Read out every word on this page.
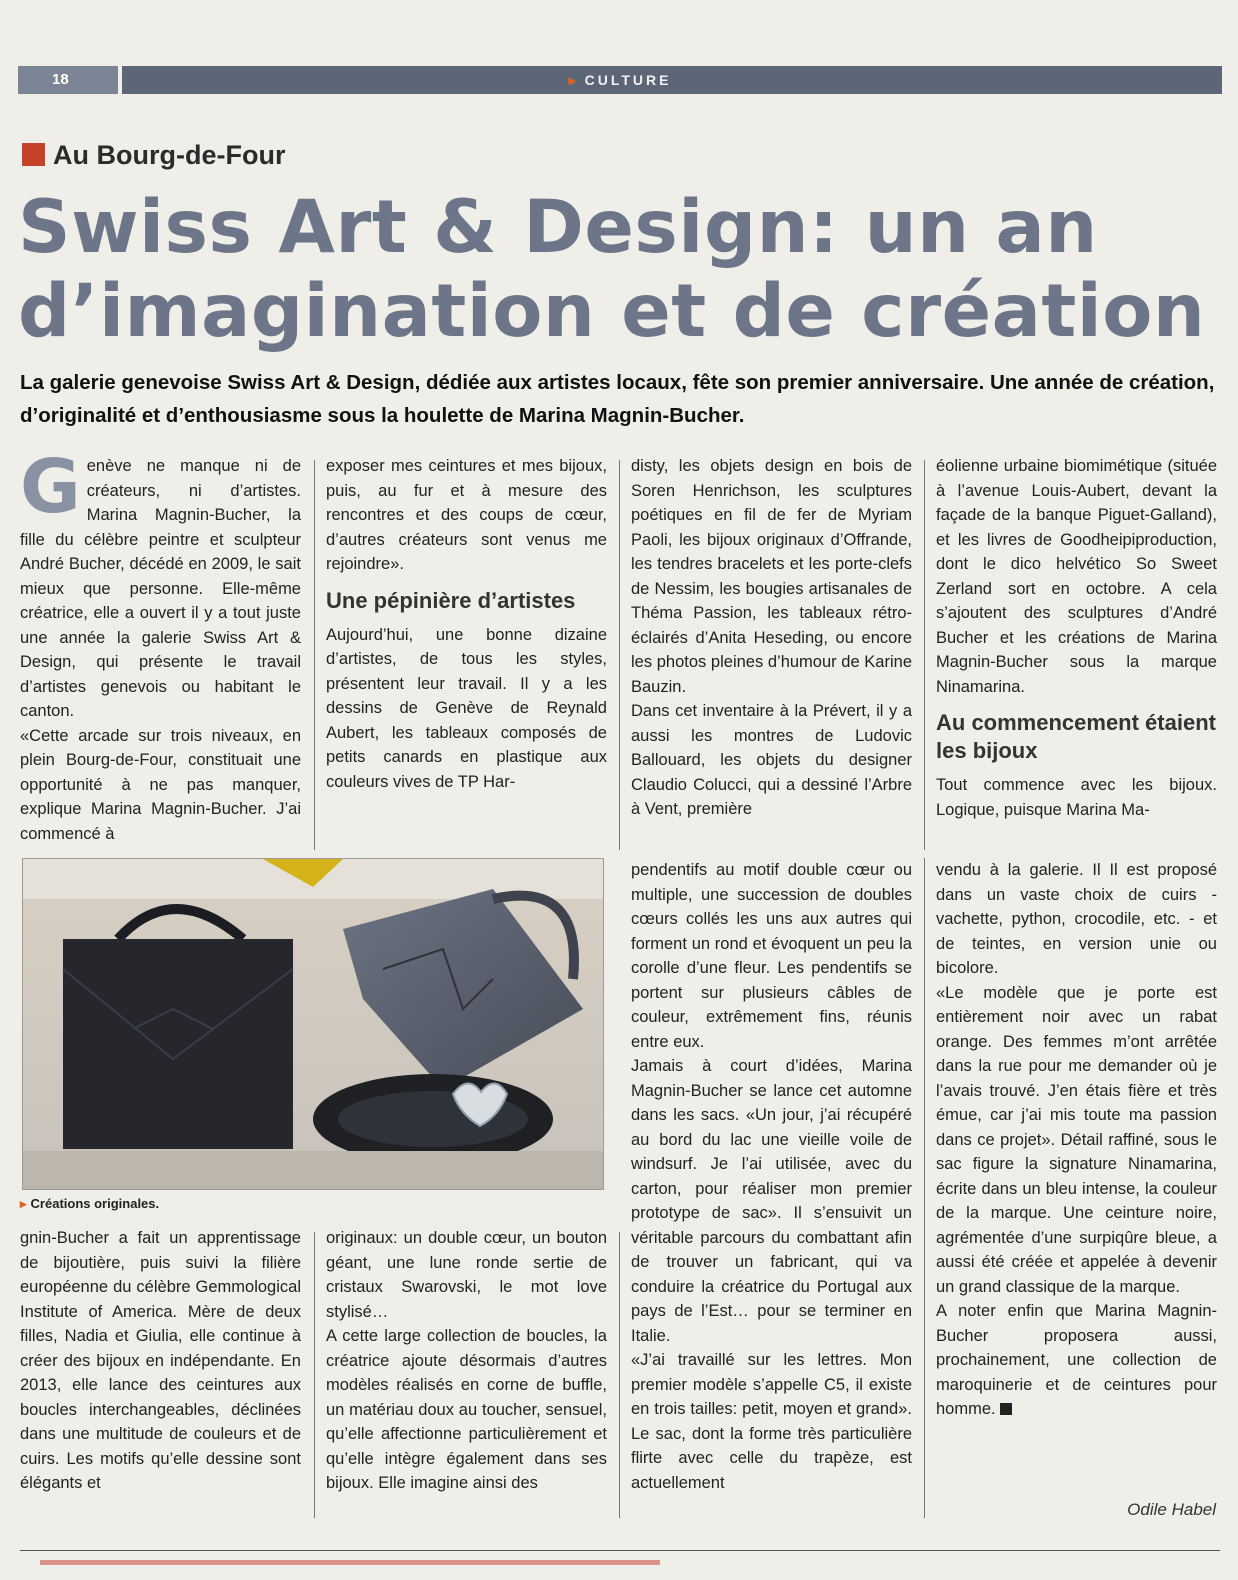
18	▸ CULTURE
Au Bourg-de-Four
Swiss Art & Design: un an d’imagination et de création
La galerie genevoise Swiss Art & Design, dédiée aux artistes locaux, fête son premier anniversaire. Une année de création, d’originalité et d’enthousiasme sous la houlette de Marina Magnin-Bucher.

Genève ne manque ni de créateurs, ni d’artistes. Marina Magnin-Bucher, la fille du célèbre peintre et sculpteur André Bucher, décédé en 2009, le sait mieux que personne. Elle-même créatrice, elle a ouvert il y a tout juste une année la galerie Swiss Art & Design, qui présente le travail d’artistes genevois ou habitant le canton.

«Cette arcade sur trois niveaux, en plein Bourg-de-Four, constituait une opportunité à ne pas manquer, explique Marina Magnin-Bucher. J’ai commencé à

exposer mes ceintures et mes bijoux, puis, au fur et à mesure des rencontres et des coups de cœur, d’autres créateurs sont venus me rejoindre».

Une pépinière d’artistes

Aujourd’hui, une bonne dizaine d’artistes, de tous les styles, présentent leur travail. Il y a les dessins de Genève de Reynald Aubert, les tableaux composés de petits canards en plastique aux couleurs vives de TP Har-

disty, les objets design en bois de Soren Henrichson, les sculptures poétiques en fil de fer de Myriam Paoli, les bijoux originaux d’Offrande, les tendres bracelets et les porte-clefs de Nessim, les bougies artisanales de Théma Passion, les tableaux rétro-éclairés d’Anita Heseding, ou encore les photos pleines d’humour de Karine Bauzin.

Dans cet inventaire à la Prévert, il y a aussi les montres de Ludovic Ballouard, les objets du designer Claudio Colucci, qui a dessiné l’Arbre à Vent, première

éolienne urbaine biomimétique (située à l’avenue Louis-Aubert, devant la façade de la banque Piguet-Galland), et les livres de Goodheipiproduction, dont le dico helvético So Sweet Zerland sort en octobre. A cela s’ajoutent des sculptures d’André Bucher et les créations de Marina Magnin-Bucher sous la marque Ninamarina.

Au commencement étaient les bijoux

Tout commence avec les bijoux. Logique, puisque Marina Ma-

▸ Créations originales.

pendentifs au motif double cœur ou multiple, une succession de doubles cœurs collés les uns aux autres qui forment un rond et évoquent un peu la corolle d’une fleur. Les pendentifs se portent sur plusieurs câbles de couleur, extrêmement fins, réunis entre eux.

Jamais à court d’idées, Marina Magnin-Bucher se lance cet automne dans les sacs. «Un jour, j’ai récupéré au bord du lac une vieille voile de windsurf. Je l’ai utilisée, avec du carton, pour réaliser mon premier prototype de sac». Il s’ensuivit un véritable parcours du combattant afin de trouver un fabricant, qui va conduire la créatrice du Portugal aux pays de l’Est… pour se terminer en Italie.

«J’ai travaillé sur les lettres. Mon premier modèle s’appelle C5, il existe en trois tailles: petit, moyen et grand». Le sac, dont la forme très particulière flirte avec celle du trapèze, est actuellement

vendu à la galerie. Il Il est proposé dans un vaste choix de cuirs - vachette, python, crocodile, etc. - et de teintes, en version unie ou bicolore.

«Le modèle que je porte est entièrement noir avec un rabat orange. Des femmes m’ont arrêtée dans la rue pour me demander où je l’avais trouvé. J’en étais fière et très émue, car j’ai mis toute ma passion dans ce projet». Détail raffiné, sous le sac figure la signature Ninamarina, écrite dans un bleu intense, la couleur de la marque. Une ceinture noire, agrémentée d’une surpiqûre bleue, a aussi été créée et appelée à devenir un grand classique de la marque.

A noter enfin que Marina Magnin-Bucher proposera aussi, prochainement, une collection de maroquinerie et de ceintures pour homme.

gnin-Bucher a fait un apprentissage de bijoutière, puis suivi la filière européenne du célèbre Gemmological Institute of America. Mère de deux filles, Nadia et Giulia, elle continue à créer des bijoux en indépendante. En 2013, elle lance des ceintures aux boucles interchangeables, déclinées dans une multitude de couleurs et de cuirs. Les motifs qu’elle dessine sont élégants et

originaux: un double cœur, un bouton géant, une lune ronde sertie de cristaux Swarovski, le mot love stylisé…

A cette large collection de boucles, la créatrice ajoute désormais d’autres modèles réalisés en corne de buffle, un matériau doux au toucher, sensuel, qu’elle affectionne particulièrement et qu’elle intègre également dans ses bijoux. Elle imagine ainsi des

Odile Habel
